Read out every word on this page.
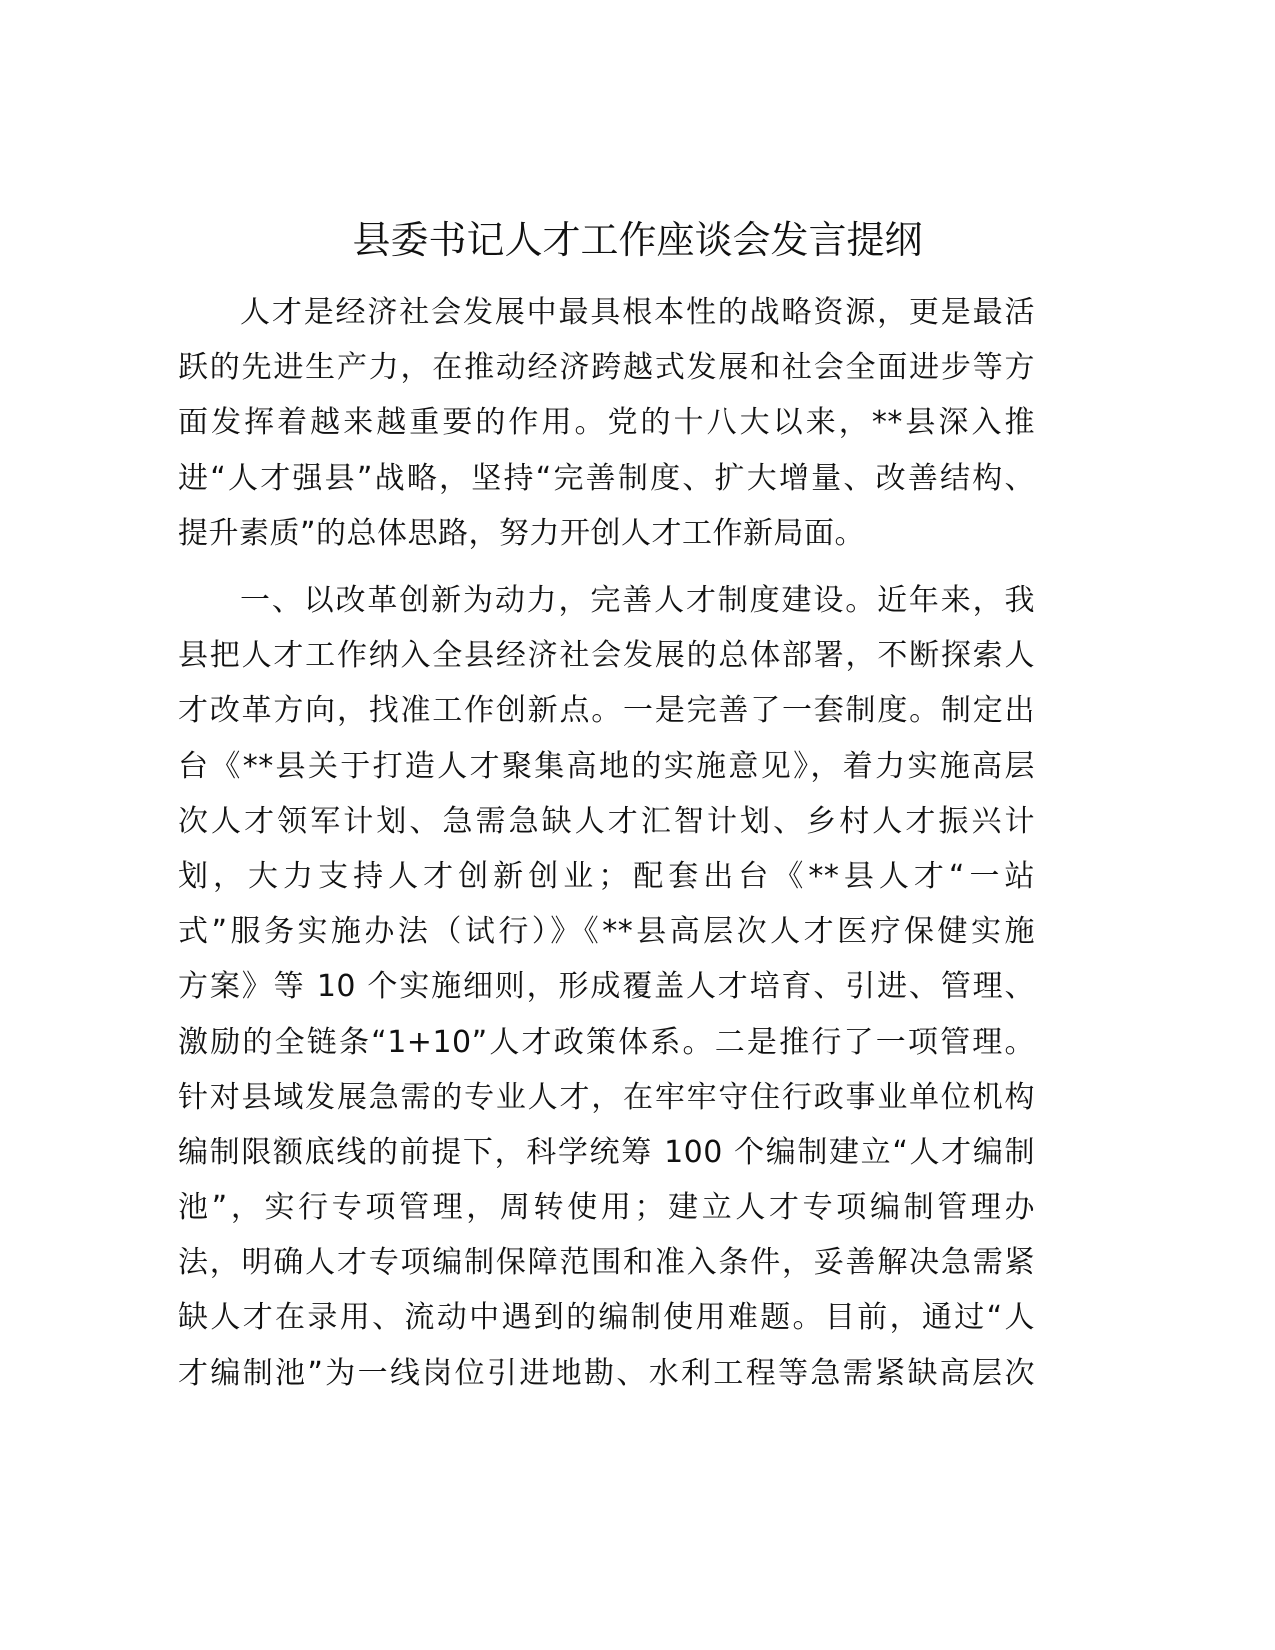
县委书记人才工作座谈会发言提纲
人才是经济社会发展中最具根本性的战略资源，更是最活
跃的先进生产力，在推动经济跨越式发展和社会全面进步等方
面发挥着越来越重要的作用。党的十八大以来，**县深入推
进“人才强县”战略，坚持“完善制度、扩大增量、改善结构、
提升素质”的总体思路，努力开创人才工作新局面。
一、以改革创新为动力，完善人才制度建设。近年来，我
县把人才工作纳入全县经济社会发展的总体部署，不断探索人
才改革方向，找准工作创新点。一是完善了一套制度。制定出
台《**县关于打造人才聚集高地的实施意见》，着力实施高层
次人才领军计划、急需急缺人才汇智计划、乡村人才振兴计
划，大力支持人才创新创业；配套出台《**县人才“一站
式”服务实施办法（试行）》《**县高层次人才医疗保健实施
方案》等 10 个实施细则，形成覆盖人才培育、引进、管理、
激励的全链条“1+10”人才政策体系。二是推行了一项管理。
针对县域发展急需的专业人才，在牢牢守住行政事业单位机构
编制限额底线的前提下，科学统筹 100 个编制建立“人才编制
池”，实行专项管理，周转使用；建立人才专项编制管理办
法，明确人才专项编制保障范围和准入条件，妥善解决急需紧
缺人才在录用、流动中遇到的编制使用难题。目前，通过“人
才编制池”为一线岗位引进地勘、水利工程等急需紧缺高层次
